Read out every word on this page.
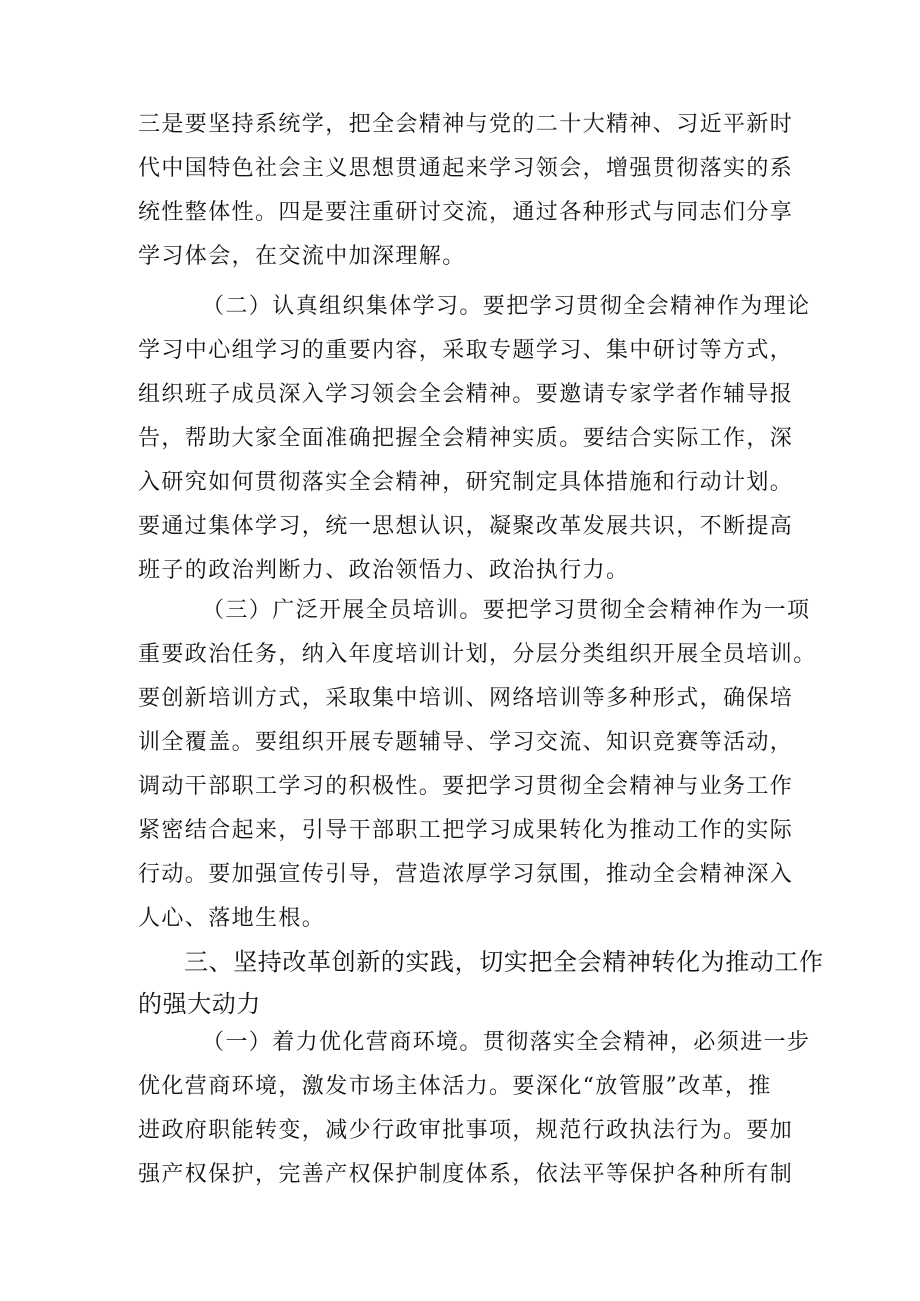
三是要坚持系统学，把全会精神与党的二十大精神、习近平新时
代中国特色社会主义思想贯通起来学习领会，增强贯彻落实的系
统性整体性。四是要注重研讨交流，通过各种形式与同志们分享
学习体会，在交流中加深理解。
（二）认真组织集体学习。要把学习贯彻全会精神作为理论
学习中心组学习的重要内容，采取专题学习、集中研讨等方式，
组织班子成员深入学习领会全会精神。要邀请专家学者作辅导报
告，帮助大家全面准确把握全会精神实质。要结合实际工作，深
入研究如何贯彻落实全会精神，研究制定具体措施和行动计划。
要通过集体学习，统一思想认识，凝聚改革发展共识，不断提高
班子的政治判断力、政治领悟力、政治执行力。
（三）广泛开展全员培训。要把学习贯彻全会精神作为一项
重要政治任务，纳入年度培训计划，分层分类组织开展全员培训。
要创新培训方式，采取集中培训、网络培训等多种形式，确保培
训全覆盖。要组织开展专题辅导、学习交流、知识竞赛等活动，
调动干部职工学习的积极性。要把学习贯彻全会精神与业务工作
紧密结合起来，引导干部职工把学习成果转化为推动工作的实际
行动。要加强宣传引导，营造浓厚学习氛围，推动全会精神深入
人心、落地生根。
三、坚持改革创新的实践，切实把全会精神转化为推动工作
的强大动力
（一）着力优化营商环境。贯彻落实全会精神，必须进一步
优化营商环境，激发市场主体活力。要深化“放管服”改革，推
进政府职能转变，减少行政审批事项，规范行政执法行为。要加
强产权保护，完善产权保护制度体系，依法平等保护各种所有制
